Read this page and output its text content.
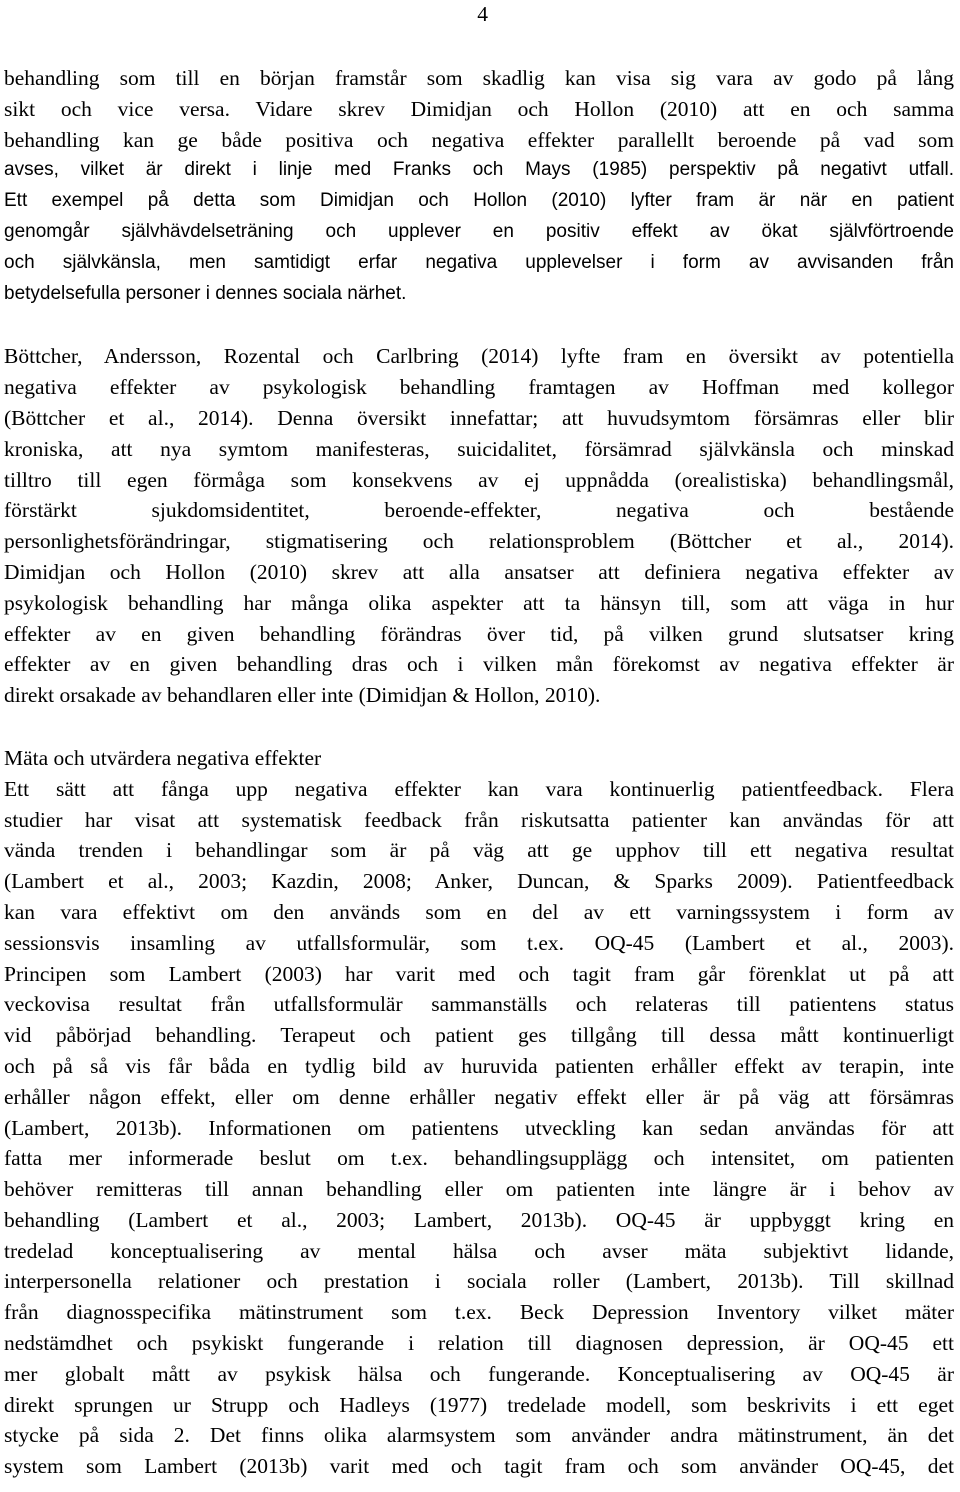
4
behandling som till en början framstår som skadlig kan visa sig vara av godo på lång
sikt och vice versa. Vidare skrev Dimidjan och Hollon (2010) att en och samma
behandling kan ge både positiva och negativa effekter parallellt beroende på vad som
avses, vilket är direkt i linje med Franks och Mays (1985) perspektiv på negativt utfall.
Ett exempel på detta som Dimidjan och Hollon (2010) lyfter fram är när en patient
genomgår självhävdelseträning och upplever en positiv effekt av ökat självförtroende
och självkänsla, men samtidigt erfar negativa upplevelser i form av avvisanden från
betydelsefulla personer i dennes sociala närhet.
Böttcher, Andersson, Rozental och Carlbring (2014) lyfte fram en översikt av potentiella
negativa effekter av psykologisk behandling framtagen av Hoffman med kollegor
(Böttcher et al., 2014). Denna översikt innefattar; att huvudsymtom försämras eller blir
kroniska, att nya symtom manifesteras, suicidalitet, försämrad självkänsla och minskad
tilltro till egen förmåga som konsekvens av ej uppnådda (orealistiska) behandlingsmål,
förstärkt sjukdomsidentitet, beroende-effekter, negativa och bestående
personlighetsförändringar, stigmatisering och relationsproblem (Böttcher et al., 2014).
Dimidjan och Hollon (2010) skrev att alla ansatser att definiera negativa effekter av
psykologisk behandling har många olika aspekter att ta hänsyn till, som att väga in hur
effekter av en given behandling förändras över tid, på vilken grund slutsatser kring
effekter av en given behandling dras och i vilken mån förekomst av negativa effekter är
direkt orsakade av behandlaren eller inte (Dimidjan & Hollon, 2010).
Mäta och utvärdera negativa effekter
Ett sätt att fånga upp negativa effekter kan vara kontinuerlig patientfeedback. Flera
studier har visat att systematisk feedback från riskutsatta patienter kan användas för att
vända trenden i behandlingar som är på väg att ge upphov till ett negativa resultat
(Lambert et al., 2003; Kazdin, 2008; Anker, Duncan, & Sparks 2009). Patientfeedback
kan vara effektivt om den används som en del av ett varningssystem i form av
sessionsvis insamling av utfallsformulär, som t.ex. OQ-45 (Lambert et al., 2003).
Principen som Lambert (2003) har varit med och tagit fram går förenklat ut på att
veckovisa resultat från utfallsformulär sammanställs och relateras till patientens status
vid påbörjad behandling. Terapeut och patient ges tillgång till dessa mått kontinuerligt
och på så vis får båda en tydlig bild av huruvida patienten erhåller effekt av terapin, inte
erhåller någon effekt, eller om denne erhåller negativ effekt eller är på väg att försämras
(Lambert, 2013b). Informationen om patientens utveckling kan sedan användas för att
fatta mer informerade beslut om t.ex. behandlingsupplägg och intensitet, om patienten
behöver remitteras till annan behandling eller om patienten inte längre är i behov av
behandling (Lambert et al., 2003; Lambert, 2013b). OQ-45 är uppbyggt kring en
tredelad konceptualisering av mental hälsa och avser mäta subjektivt lidande,
interpersonella relationer och prestation i sociala roller (Lambert, 2013b). Till skillnad
från diagnosspecifika mätinstrument som t.ex. Beck Depression Inventory vilket mäter
nedstämdhet och psykiskt fungerande i relation till diagnosen depression, är OQ-45 ett
mer globalt mått av psykisk hälsa och fungerande. Konceptualisering av OQ-45 är
direkt sprungen ur Strupp och Hadleys (1977) tredelade modell, som beskrivits i ett eget
stycke på sida 2. Det finns olika alarmsystem som använder andra mätinstrument, än det
system som Lambert (2013b) varit med och tagit fram och som använder OQ-45, det
